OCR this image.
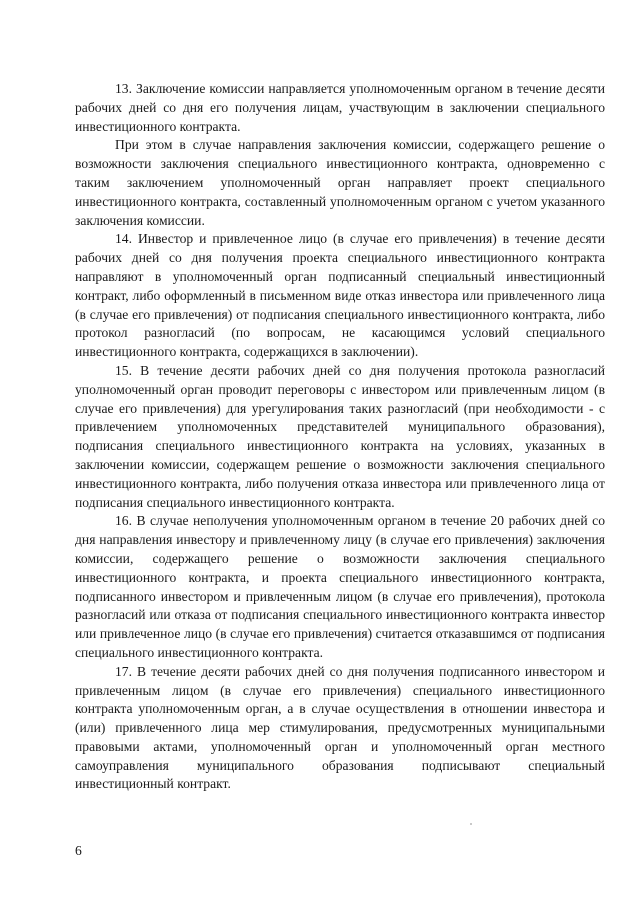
13. Заключение комиссии направляется уполномоченным органом в течение десяти рабочих дней со дня его получения лицам, участвующим в заключении специального инвестиционного контракта.

При этом в случае направления заключения комиссии, содержащего решение о возможности заключения специального инвестиционного контракта, одновременно с таким заключением уполномоченный орган направляет проект специального инвестиционного контракта, составленный уполномоченным органом с учетом указанного заключения комиссии.

14. Инвестор и привлеченное лицо (в случае его привлечения) в течение десяти рабочих дней со дня получения проекта специального инвестиционного контракта направляют в уполномоченный орган подписанный специальный инвестиционный контракт, либо оформленный в письменном виде отказ инвестора или привлеченного лица (в случае его привлечения) от подписания специального инвестиционного контракта, либо протокол разногласий (по вопросам, не касающимся условий специального инвестиционного контракта, содержащихся в заключении).

15. В течение десяти рабочих дней со дня получения протокола разногласий уполномоченный орган проводит переговоры с инвестором или привлеченным лицом (в случае его привлечения) для урегулирования таких разногласий (при необходимости - с привлечением уполномоченных представителей муниципального образования), подписания специального инвестиционного контракта на условиях, указанных в заключении комиссии, содержащем решение о возможности заключения специального инвестиционного контракта, либо получения отказа инвестора или привлеченного лица от подписания специального инвестиционного контракта.

16. В случае неполучения уполномоченным органом в течение 20 рабочих дней со дня направления инвестору и привлеченному лицу (в случае его привлечения) заключения комиссии, содержащего решение о возможности заключения специального инвестиционного контракта, и проекта специального инвестиционного контракта, подписанного инвестором и привлеченным лицом (в случае его привлечения), протокола разногласий или отказа от подписания специального инвестиционного контракта инвестор или привлеченное лицо (в случае его привлечения) считается отказавшимся от подписания специального инвестиционного контракта.

17. В течение десяти рабочих дней со дня получения подписанного инвестором и привлеченным лицом (в случае его привлечения) специального инвестиционного контракта уполномоченным орган, а в случае осуществления в отношении инвестора и (или) привлеченного лица мер стимулирования, предусмотренных муниципальными правовыми актами, уполномоченный орган и уполномоченный орган местного самоуправления муниципального образования подписывают специальный инвестиционный контракт.

6
